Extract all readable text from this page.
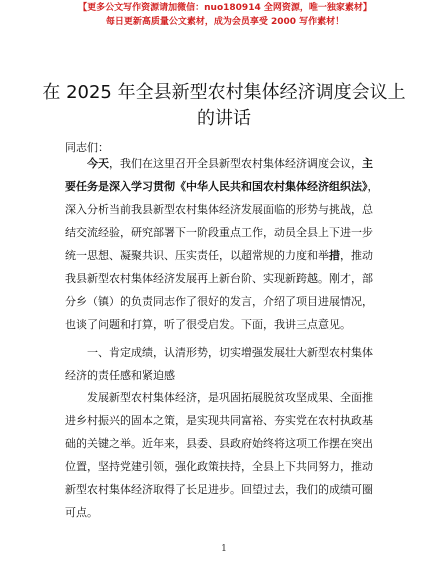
【更多公文写作资源请加微信：nuo180914 全网资源，唯一独家素材】
每日更新高质量公文素材，成为会员享受 2000 写作素材！
在 2025 年全县新型农村集体经济调度会议上的讲话
同志们：
今天，我们在这里召开全县新型农村集体经济调度会议，主要任务是深入学习贯彻《中华人民共和国农村集体经济组织法》，深入分析当前我县新型农村集体经济发展面临的形势与挑战，总结交流经验，研究部署下一阶段重点工作，动员全县上下进一步统一思想、凝聚共识、压实责任，以超常规的力度和举措，推动我县新型农村集体经济发展再上新台阶、实现新跨越。刚才，部分乡（镇）的负责同志作了很好的发言，介绍了项目进展情况，也谈了问题和打算，听了很受启发。下面，我讲三点意见。
一、肯定成绩，认清形势，切实增强发展壮大新型农村集体经济的责任感和紧迫感
发展新型农村集体经济，是巩固拓展脱贫攻坚成果、全面推进乡村振兴的固本之策，是实现共同富裕、夯实党在农村执政基础的关键之举。近年来，县委、县政府始终将这项工作摆在突出位置，坚持党建引领，强化政策扶持，全县上下共同努力，推动新型农村集体经济取得了长足进步。回望过去，我们的成绩可圈可点。
1
